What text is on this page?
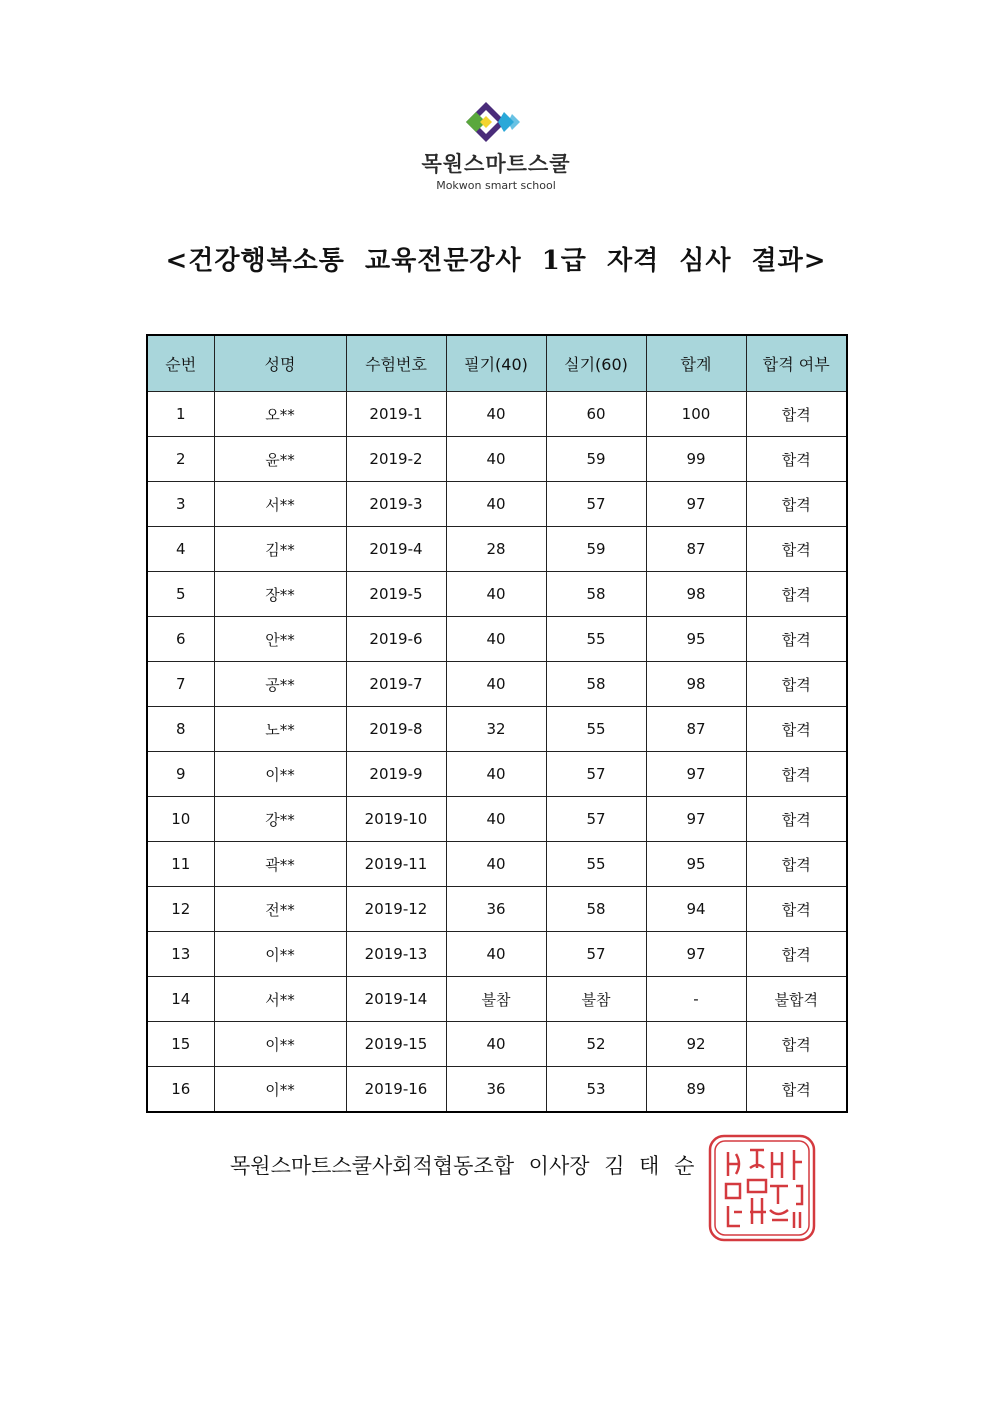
목원스마트스쿨
Mokwon smart school
<건강행복소통 교육전문강사 1급 자격 심사 결과>
순번	성명	수험번호	필기(40)	실기(60)	합계	합격 여부
1	오**	2019-1	40	60	100	합격
2	윤**	2019-2	40	59	99	합격
3	서**	2019-3	40	57	97	합격
4	김**	2019-4	28	59	87	합격
5	장**	2019-5	40	58	98	합격
6	안**	2019-6	40	55	95	합격
7	공**	2019-7	40	58	98	합격
8	노**	2019-8	32	55	87	합격
9	이**	2019-9	40	57	97	합격
10	강**	2019-10	40	57	97	합격
11	곽**	2019-11	40	55	95	합격
12	전**	2019-12	36	58	94	합격
13	이**	2019-13	40	57	97	합격
14	서**	2019-14	불참	불참	-	불합격
15	이**	2019-15	40	52	92	합격
16	이**	2019-16	36	53	89	합격
목원스마트스쿨사회적협동조합 이사장 김 태 순
